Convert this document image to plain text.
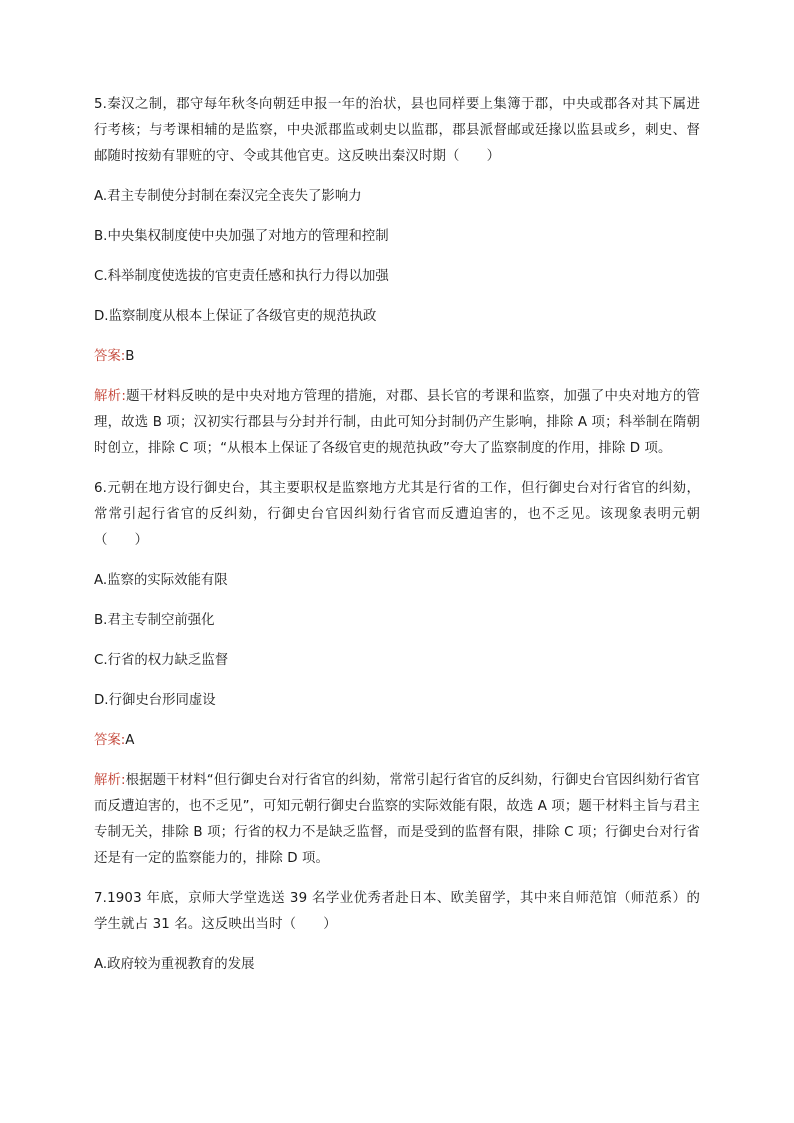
5.秦汉之制，郡守每年秋冬向朝廷申报一年的治状，县也同样要上集簿于郡，中央或郡各对其下属进行考核；与考课相辅的是监察，中央派郡监或刺史以监郡，郡县派督邮或廷掾以监县或乡，刺史、督邮随时按劾有罪赃的守、令或其他官吏。这反映出秦汉时期（　　）

A.君主专制使分封制在秦汉完全丧失了影响力

B.中央集权制度使中央加强了对地方的管理和控制

C.科举制度使选拔的官吏责任感和执行力得以加强

D.监察制度从根本上保证了各级官吏的规范执政

答案:B

解析:题干材料反映的是中央对地方管理的措施，对郡、县长官的考课和监察，加强了中央对地方的管理，故选 B 项；汉初实行郡县与分封并行制，由此可知分封制仍产生影响，排除 A 项；科举制在隋朝时创立，排除 C 项；“从根本上保证了各级官吏的规范执政”夸大了监察制度的作用，排除 D 项。

6.元朝在地方设行御史台，其主要职权是监察地方尤其是行省的工作，但行御史台对行省官的纠劾，常常引起行省官的反纠劾，行御史台官因纠劾行省官而反遭迫害的，也不乏见。该现象表明元朝（　　）

A.监察的实际效能有限

B.君主专制空前强化

C.行省的权力缺乏监督

D.行御史台形同虚设

答案:A

解析:根据题干材料“但行御史台对行省官的纠劾，常常引起行省官的反纠劾，行御史台官因纠劾行省官而反遭迫害的，也不乏见”，可知元朝行御史台监察的实际效能有限，故选 A 项；题干材料主旨与君主专制无关，排除 B 项；行省的权力不是缺乏监督，而是受到的监督有限，排除 C 项；行御史台对行省还是有一定的监察能力的，排除 D 项。

7.1903 年底，京师大学堂选送 39 名学业优秀者赴日本、欧美留学，其中来自师范馆（师范系）的学生就占 31 名。这反映出当时（　　）

A.政府较为重视教育的发展
